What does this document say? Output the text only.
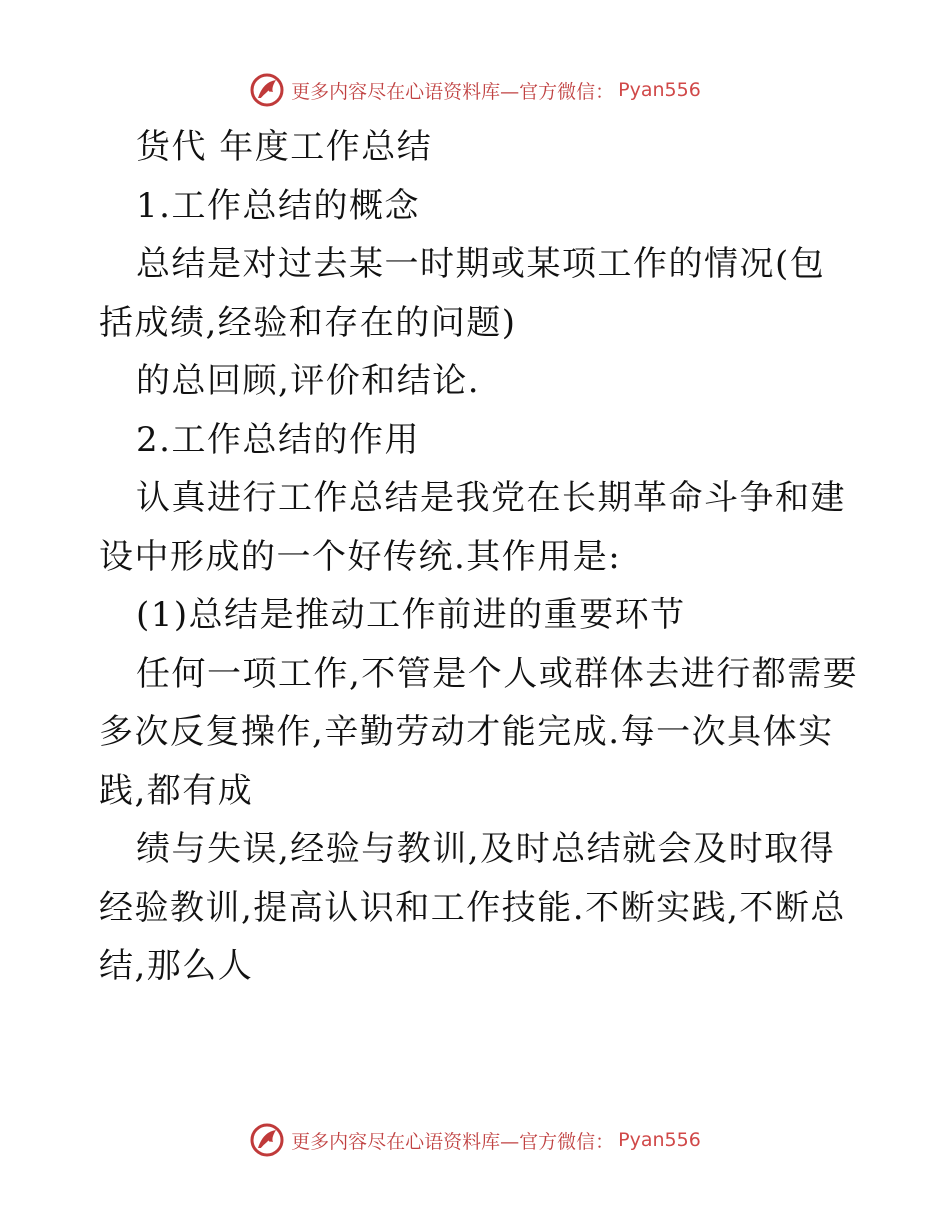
更多内容尽在心语资料库—官方微信： Pyan556

货代 年度工作总结

1.工作总结的概念

总结是对过去某一时期或某项工作的情况(包括成绩,经验和存在的问题)

的总回顾,评价和结论.

2.工作总结的作用

认真进行工作总结是我党在长期革命斗争和建设中形成的一个好传统.其作用是:

(1)总结是推动工作前进的重要环节

任何一项工作,不管是个人或群体去进行都需要多次反复操作,辛勤劳动才能完成.每一次具体实践,都有成

绩与失误,经验与教训,及时总结就会及时取得经验教训,提高认识和工作技能.不断实践,不断总结,那么人

更多内容尽在心语资料库—官方微信： Pyan556
